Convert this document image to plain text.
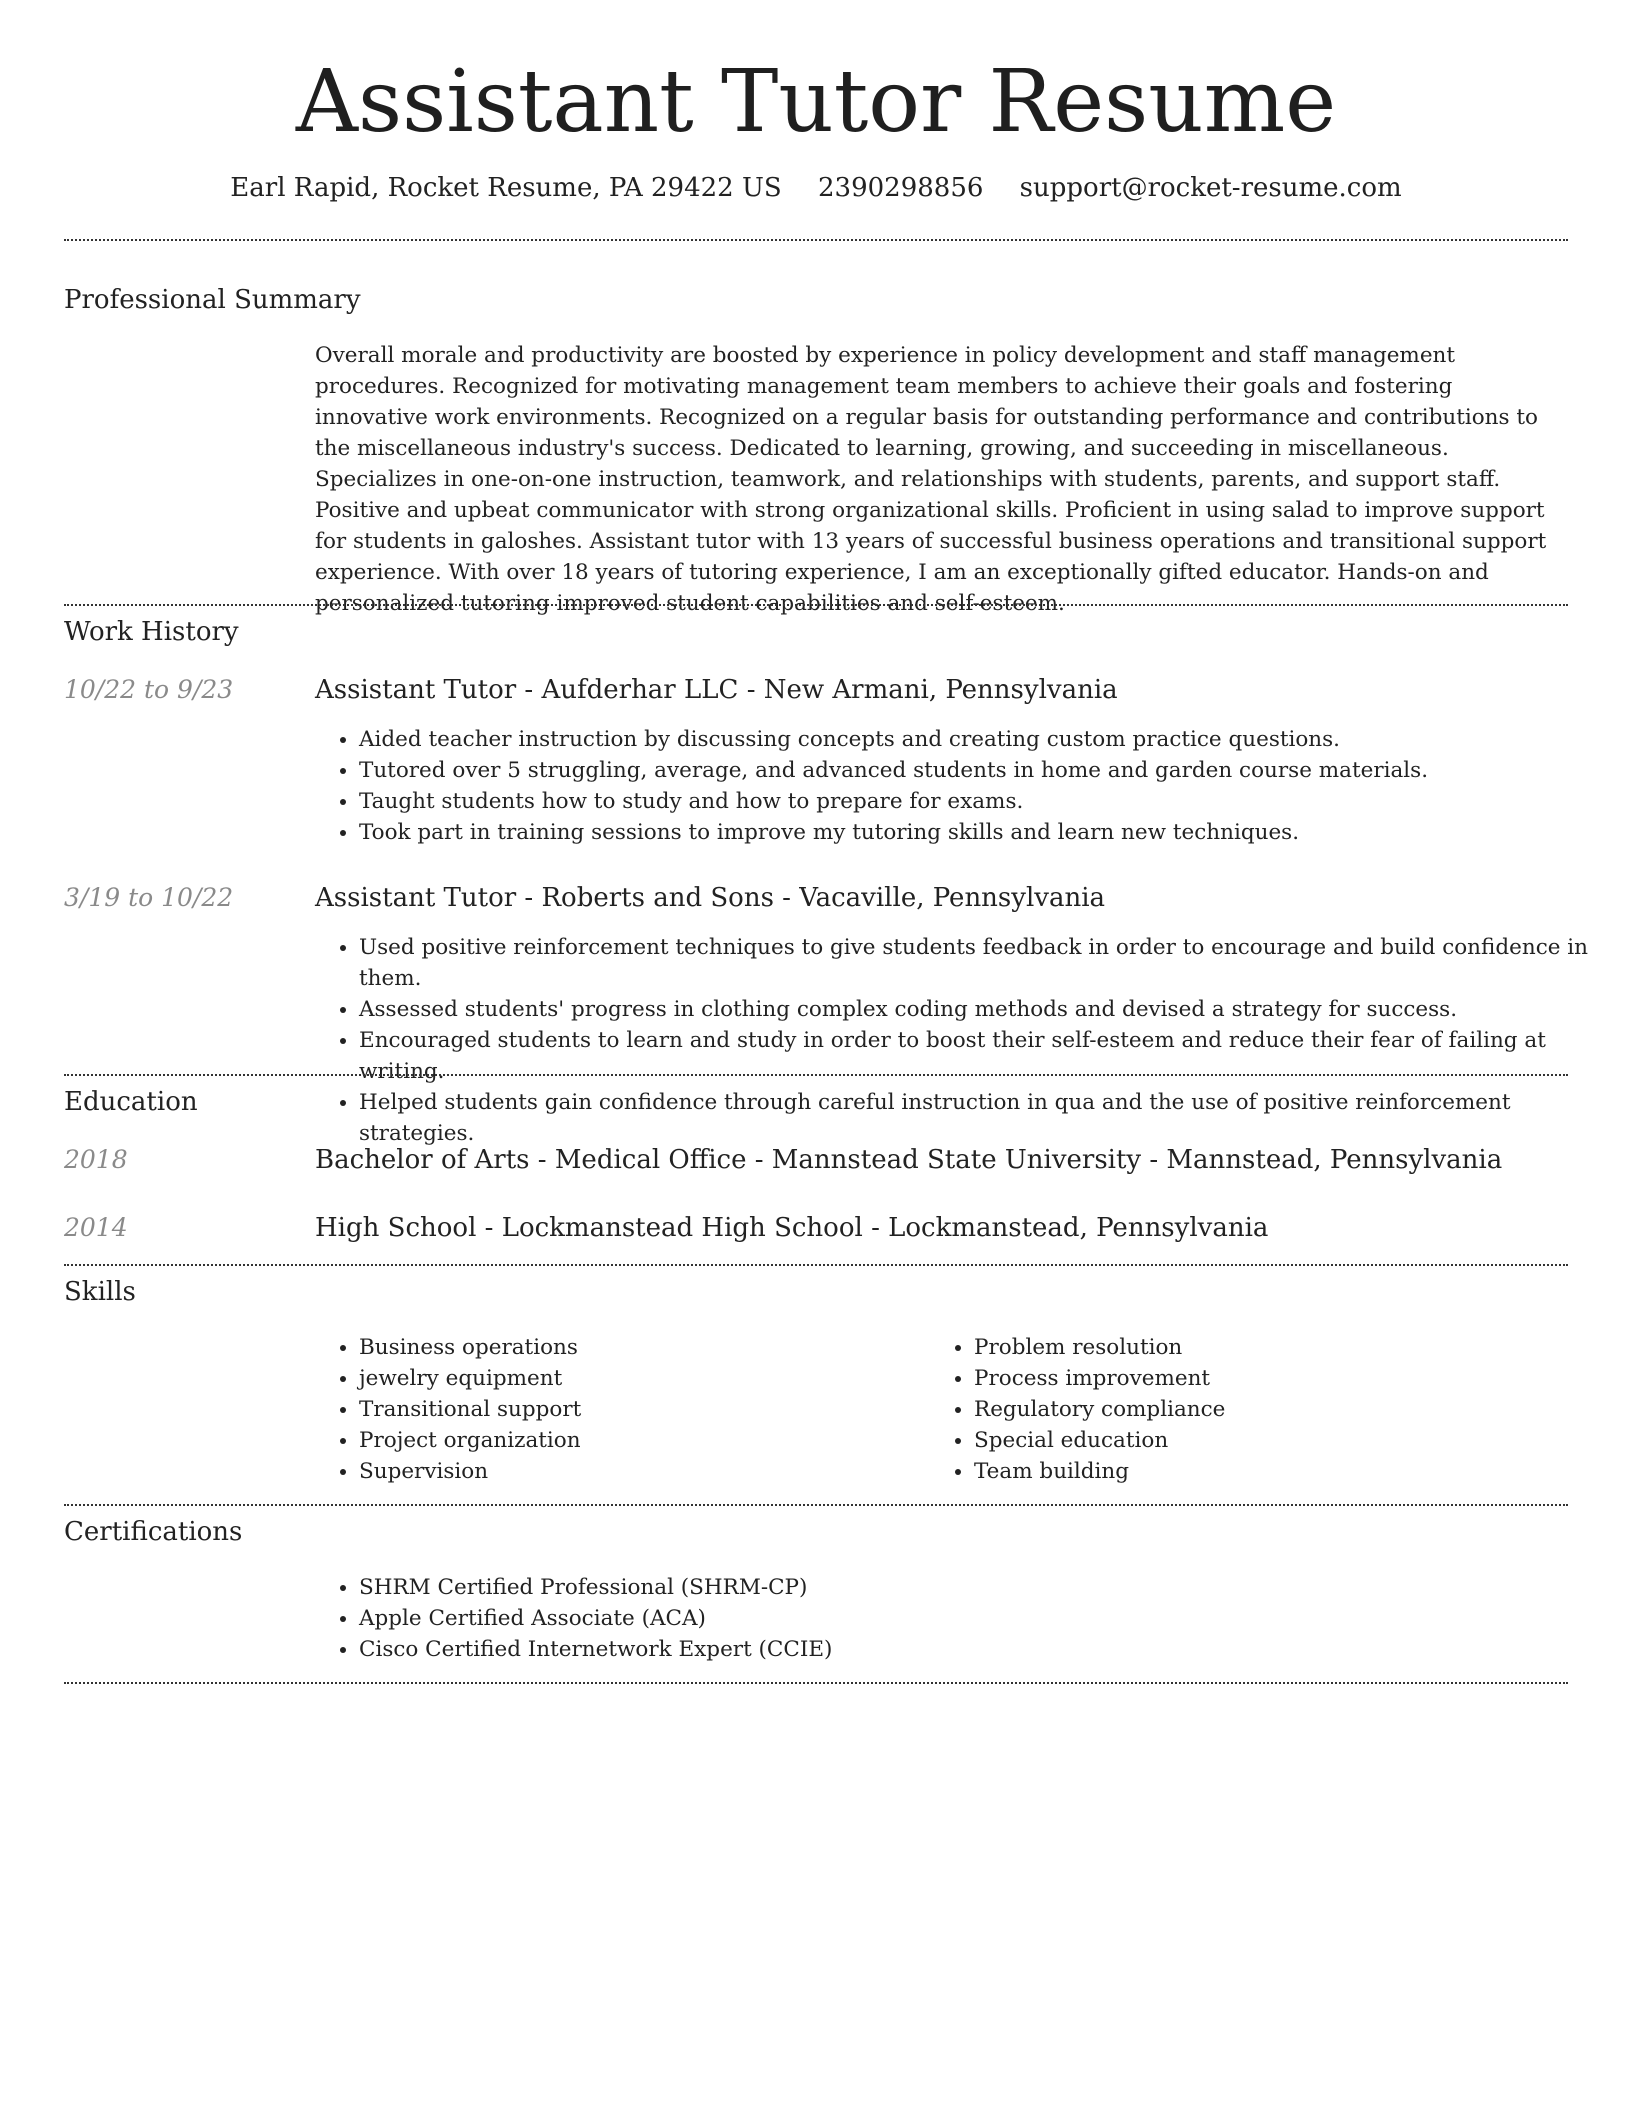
Assistant Tutor Resume
Earl Rapid, Rocket Resume, PA 29422 US 2390298856 support@rocket-resume.com
Professional Summary

Overall morale and productivity are boosted by experience in policy development and staff management procedures. Recognized for motivating management team members to achieve their goals and fostering innovative work environments. Recognized on a regular basis for outstanding performance and contributions to the miscellaneous industry's success. Dedicated to learning, growing, and succeeding in miscellaneous. Specializes in one-on-one instruction, teamwork, and relationships with students, parents, and support staff. Positive and upbeat communicator with strong organizational skills. Proficient in using salad to improve support for students in galoshes. Assistant tutor with 13 years of successful business operations and transitional support experience. With over 18 years of tutoring experience, I am an exceptionally gifted educator. Hands-on and personalized tutoring improved student capabilities and self-esteem.

Work History
10/22 to 9/23	Assistant Tutor - Aufderhar LLC - New Armani, Pennsylvania
• Aided teacher instruction by discussing concepts and creating custom practice questions.
• Tutored over 5 struggling, average, and advanced students in home and garden course materials.
• Taught students how to study and how to prepare for exams.
• Took part in training sessions to improve my tutoring skills and learn new techniques.
3/19 to 10/22	Assistant Tutor - Roberts and Sons - Vacaville, Pennsylvania
• Used positive reinforcement techniques to give students feedback in order to encourage and build confidence in them.
• Assessed students' progress in clothing complex coding methods and devised a strategy for success.
• Encouraged students to learn and study in order to boost their self-esteem and reduce their fear of failing at writing.
• Helped students gain confidence through careful instruction in qua and the use of positive reinforcement strategies.
Education
2018	Bachelor of Arts - Medical Office - Mannstead State University - Mannstead, Pennsylvania
2014	High School - Lockmanstead High School - Lockmanstead, Pennsylvania
Skills
• Business operations
• jewelry equipment
• Transitional support
• Project organization
• Supervision
• Problem resolution
• Process improvement
• Regulatory compliance
• Special education
• Team building
Certifications
• SHRM Certified Professional (SHRM-CP)
• Apple Certified Associate (ACA)
• Cisco Certified Internetwork Expert (CCIE)
